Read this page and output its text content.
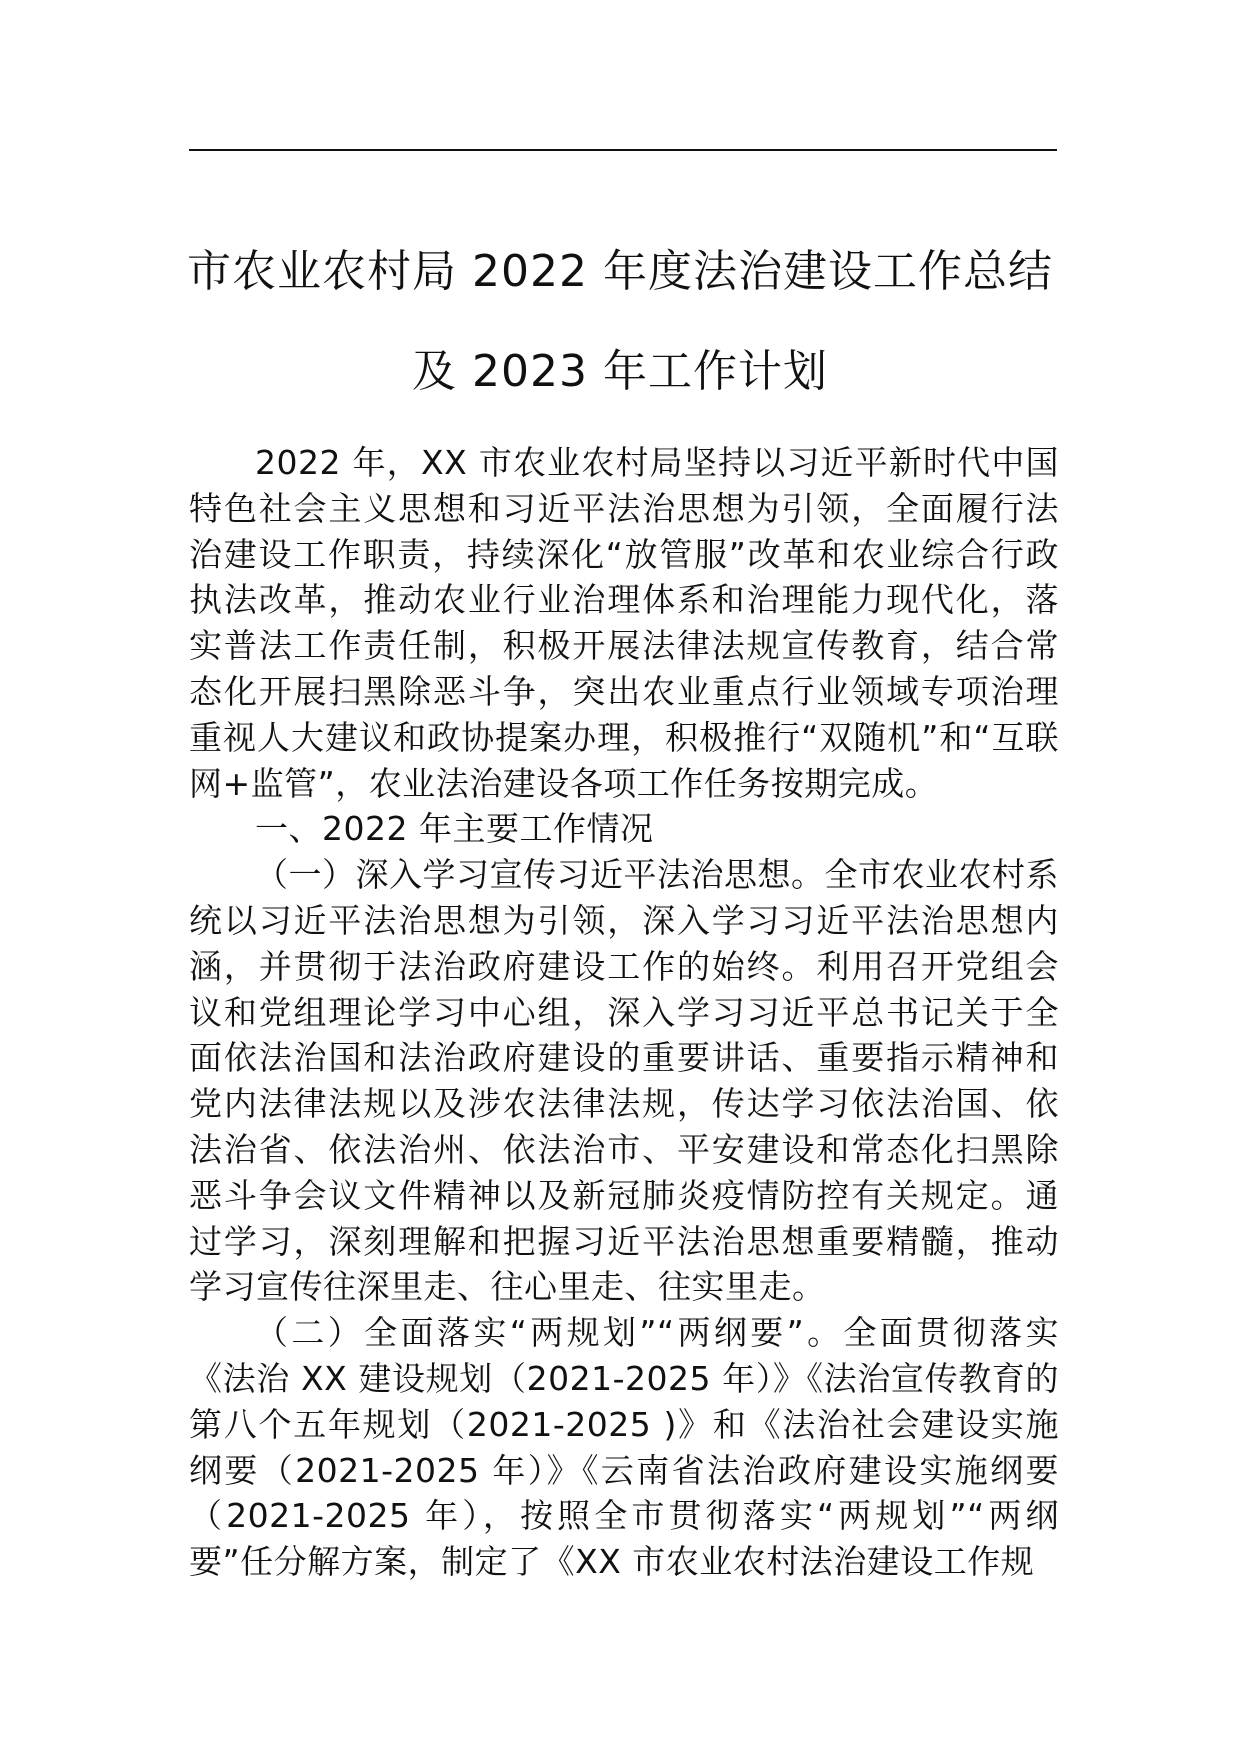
市农业农村局 2022 年度法治建设工作总结
及 2023 年工作计划

2022 年，XX 市农业农村局坚持以习近平新时代中国特色社会主义思想和习近平法治思想为引领，全面履行法治建设工作职责，持续深化“放管服”改革和农业综合行政执法改革，推动农业行业治理体系和治理能力现代化，落实普法工作责任制，积极开展法律法规宣传教育，结合常态化开展扫黑除恶斗争，突出农业重点行业领域专项治理重视人大建议和政协提案办理，积极推行“双随机”和“互联网+监管”，农业法治建设各项工作任务按期完成。

一、2022 年主要工作情况

（一）深入学习宣传习近平法治思想。全市农业农村系统以习近平法治思想为引领，深入学习习近平法治思想内涵，并贯彻于法治政府建设工作的始终。利用召开党组会议和党组理论学习中心组，深入学习习近平总书记关于全面依法治国和法治政府建设的重要讲话、重要指示精神和党内法律法规以及涉农法律法规，传达学习依法治国、依法治省、依法治州、依法治市、平安建设和常态化扫黑除恶斗争会议文件精神以及新冠肺炎疫情防控有关规定。通过学习，深刻理解和把握习近平法治思想重要精髓，推动学习宣传往深里走、往心里走、往实里走。

（二）全面落实“两规划”“两纲要”。全面贯彻落实《法治 XX 建设规划（2021-2025 年）》《法治宣传教育的第八个五年规划（2021-2025 )》和《法治社会建设实施纲要（2021-2025 年）》《云南省法治政府建设实施纲要（2021-2025 年），按照全市贯彻落实“两规划”“两纲要”任分解方案，制定了《XX 市农业农村法治建设工作规
